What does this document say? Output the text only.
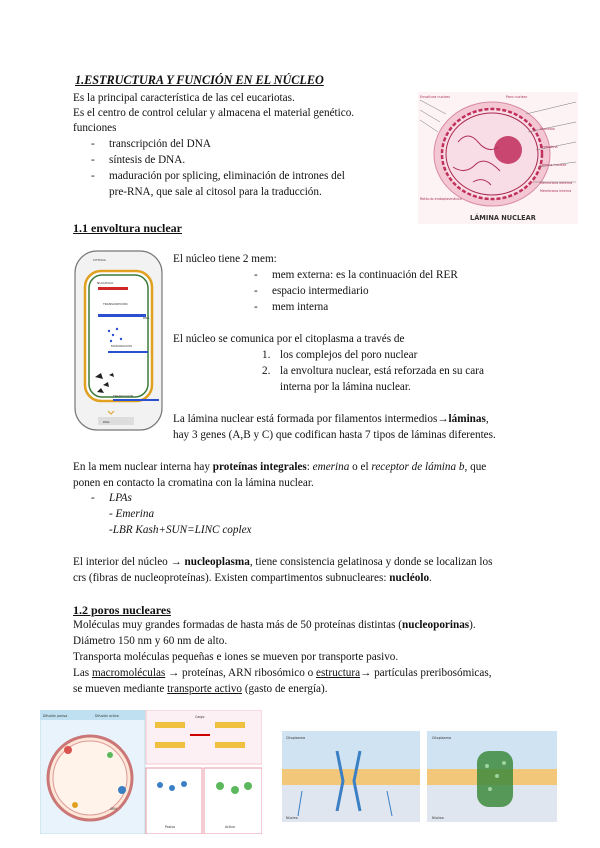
1.ESTRUCTURA Y FUNCIÓN EN EL NÚCLEO
Es la principal característica de las cel eucariotas.
Es el centro de control celular y almacena el material genético.
funciones
- transcripción del DNA
- síntesis de DNA.
- maduración por splicing, eliminación de intrones del
pre-RNA, que sale al citosol para la traducción.
Envoltura nuclear	Poro nuclear
Nucleolo
Cromatina
Lámina nuclear
Membrana externa
Membrana interna
Retículo endoplasmático
LÁMINA NUCLEAR
1.1 envoltura nuclear
CITOSOL
NUCLEOLO
TRANSCRIPCIÓN
RNA
MADURACIÓN
TRADUCCIÓN
DNA
El núcleo tiene 2 mem:
- mem externa: es la continuación del RER
- espacio intermediario
- mem interna
El núcleo se comunica por el citoplasma a través de
1. los complejos del poro nuclear
2. la envoltura nuclear, está reforzada en su cara
interna por la lámina nuclear.
La lámina nuclear está formada por filamentos intermedios→láminas,
hay 3 genes (A,B y C) que codifican hasta 7 tipos de láminas diferentes.
En la mem nuclear interna hay proteínas integrales: emerina o el receptor de lámina b, que
ponen en contacto la cromatina con la lámina nuclear.
- LPAs
- Emerina
-LBR Kash+SUN=LINC coplex
El interior del núcleo → nucleoplasma, tiene consistencia gelatinosa y donde se localizan los
crs (fibras de nucleoproteínas). Existen compartimentos subnucleares: nucléolo.
1.2 poros nucleares
Moléculas muy grandes formadas de hasta más de 50 proteínas distintas (nucleoporinas).
Diámetro 150 nm y 60 nm de alto.
Transporta moléculas pequeñas e iones se mueven por transporte pasivo.
Las macromoléculas → proteínas, ARN ribosómico o estructura→ partículas preribosómicas,
se mueven mediante transporte activo (gasto de energía).
Difusión pasiva	Difusión activa	Cargo
ARN
Pasivo	Activo
Citoplasma
Núcleo
Citoplasma
Núcleo
